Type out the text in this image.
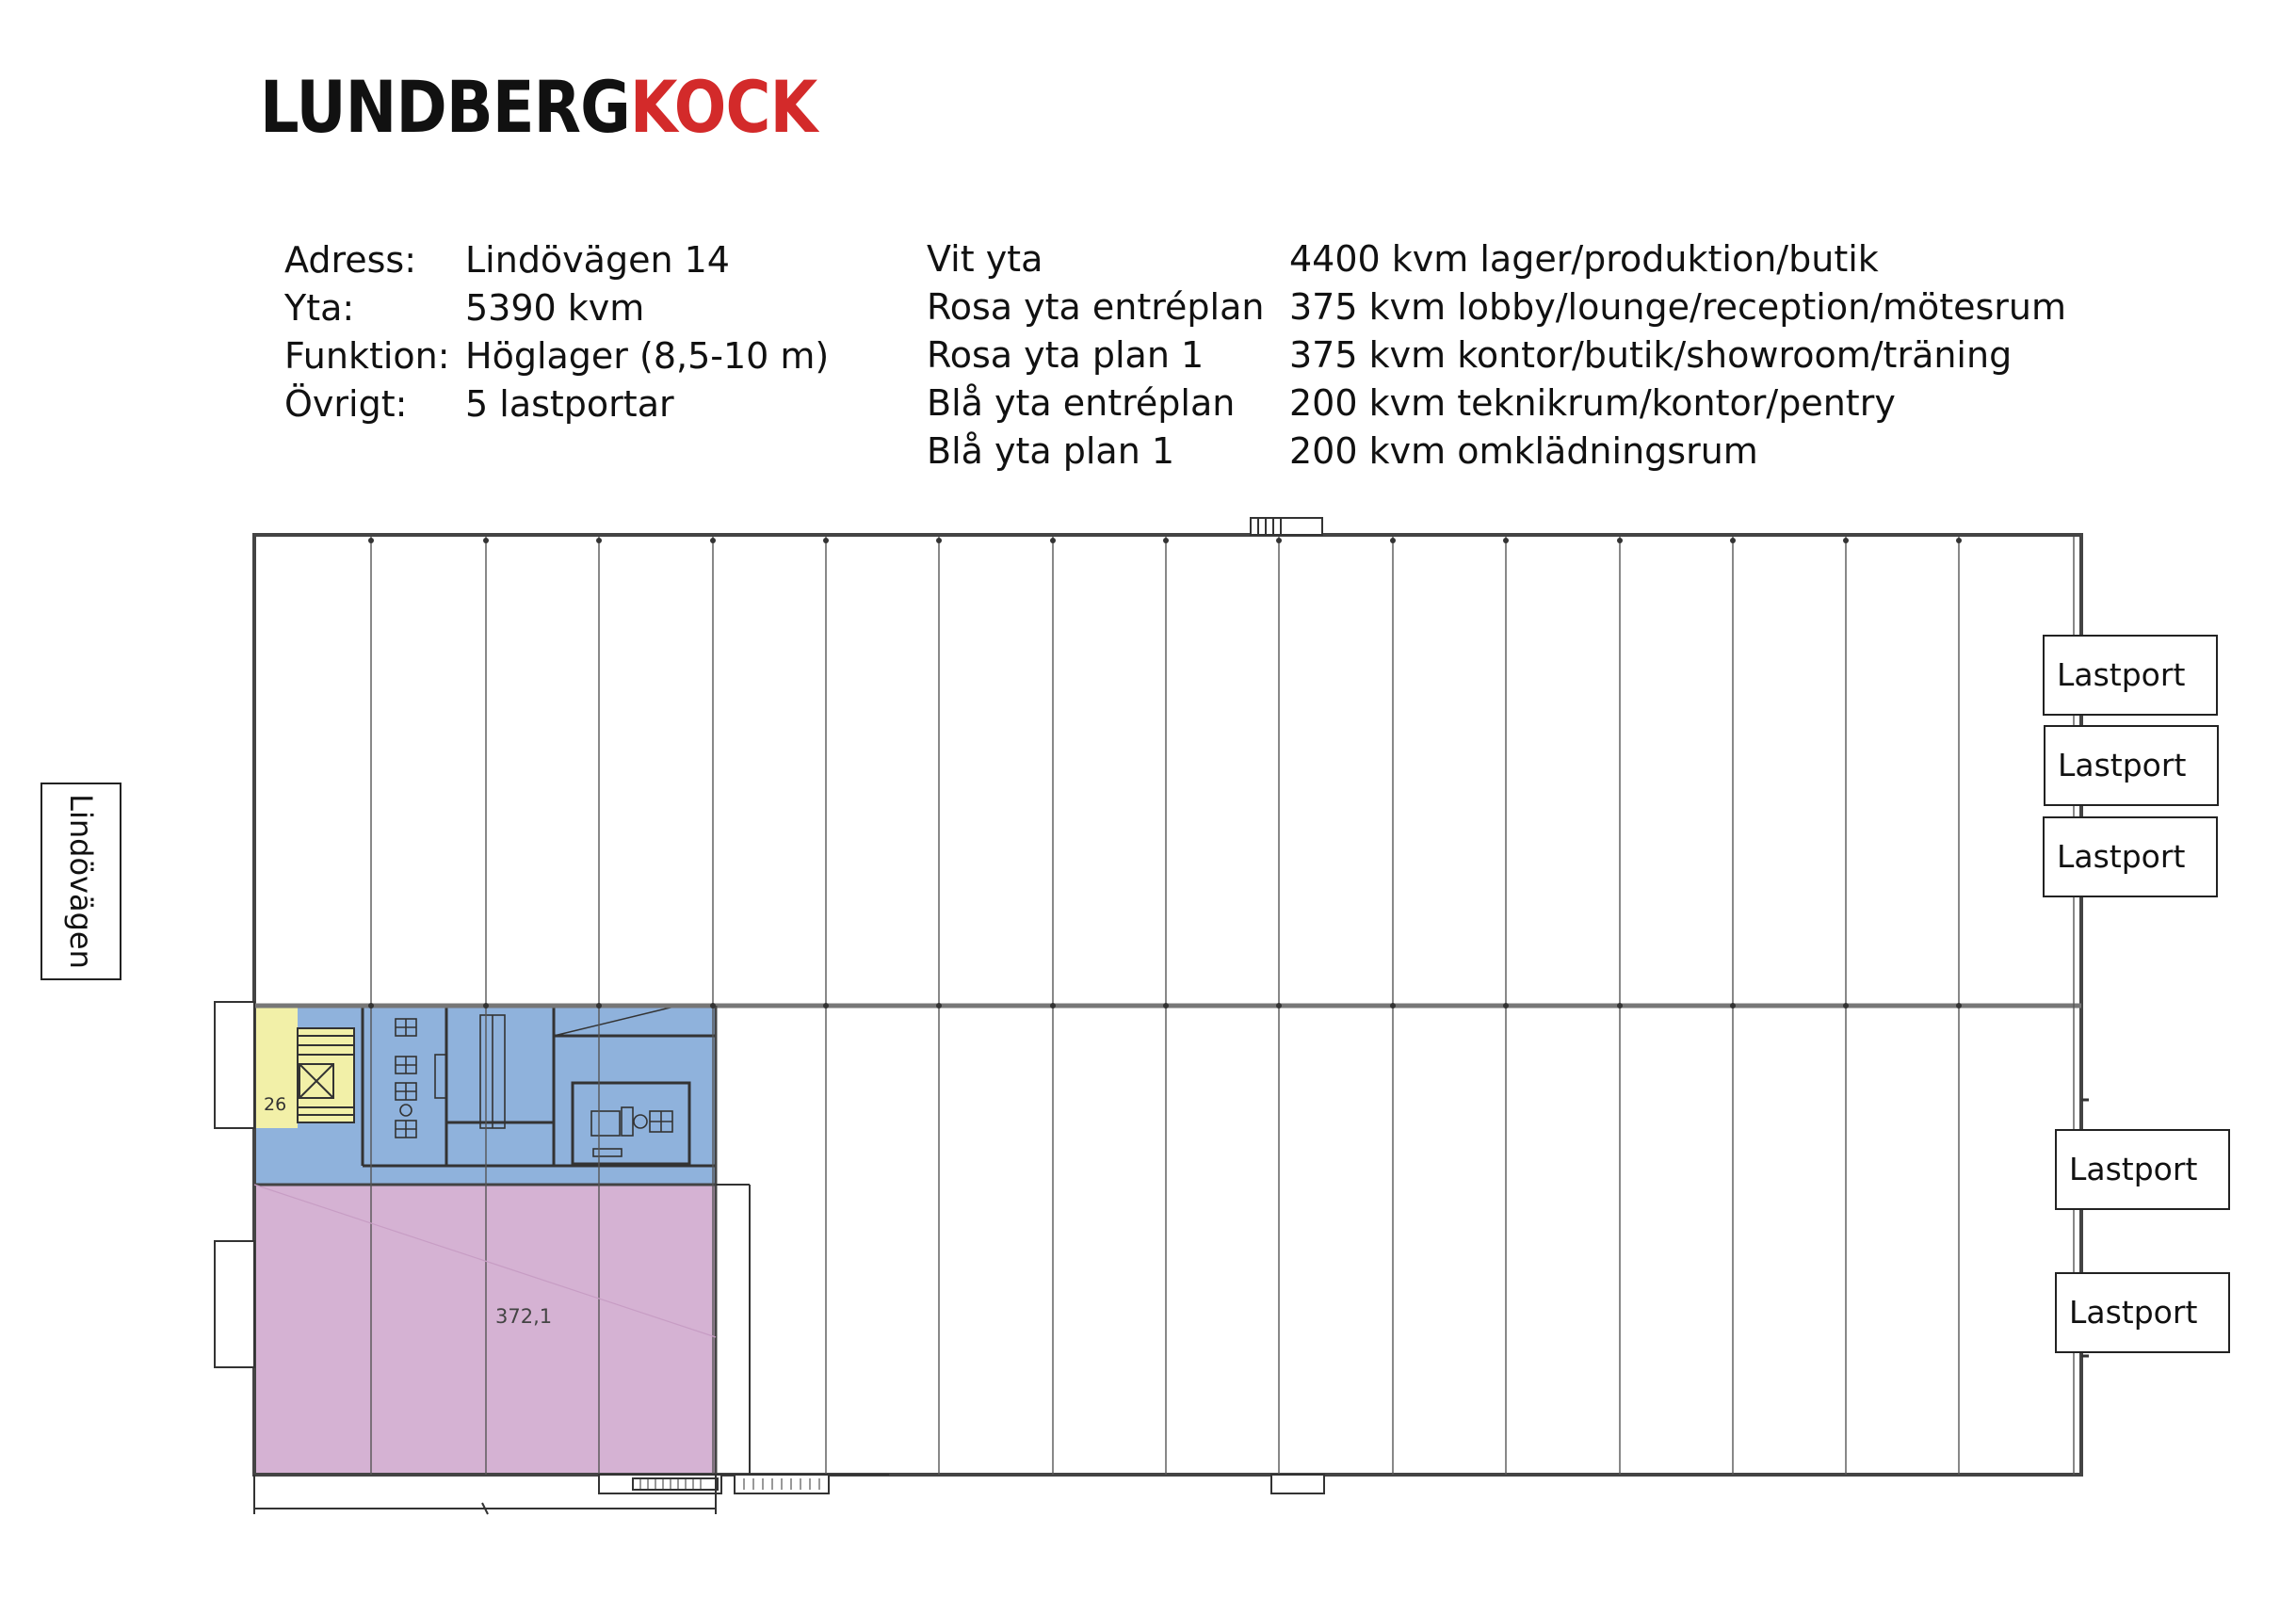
LUNDBERGKOCK
Adress:
Yta:
Funktion:
Övrigt:
Lindövägen 14
5390 kvm
Höglager (8,5-10 m)
5 lastportar
Vit yta
Rosa yta entréplan
Rosa yta plan 1
Blå yta entréplan
Blå yta plan 1
4400 kvm lager/produktion/butik
375 kvm lobby/lounge/reception/mötesrum
375 kvm kontor/butik/showroom/träning
200 kvm teknikrum/kontor/pentry
200 kvm omklädningsrum
26
372,1
Lindövägen
Lastport
Lastport
Lastport
Lastport
Lastport
